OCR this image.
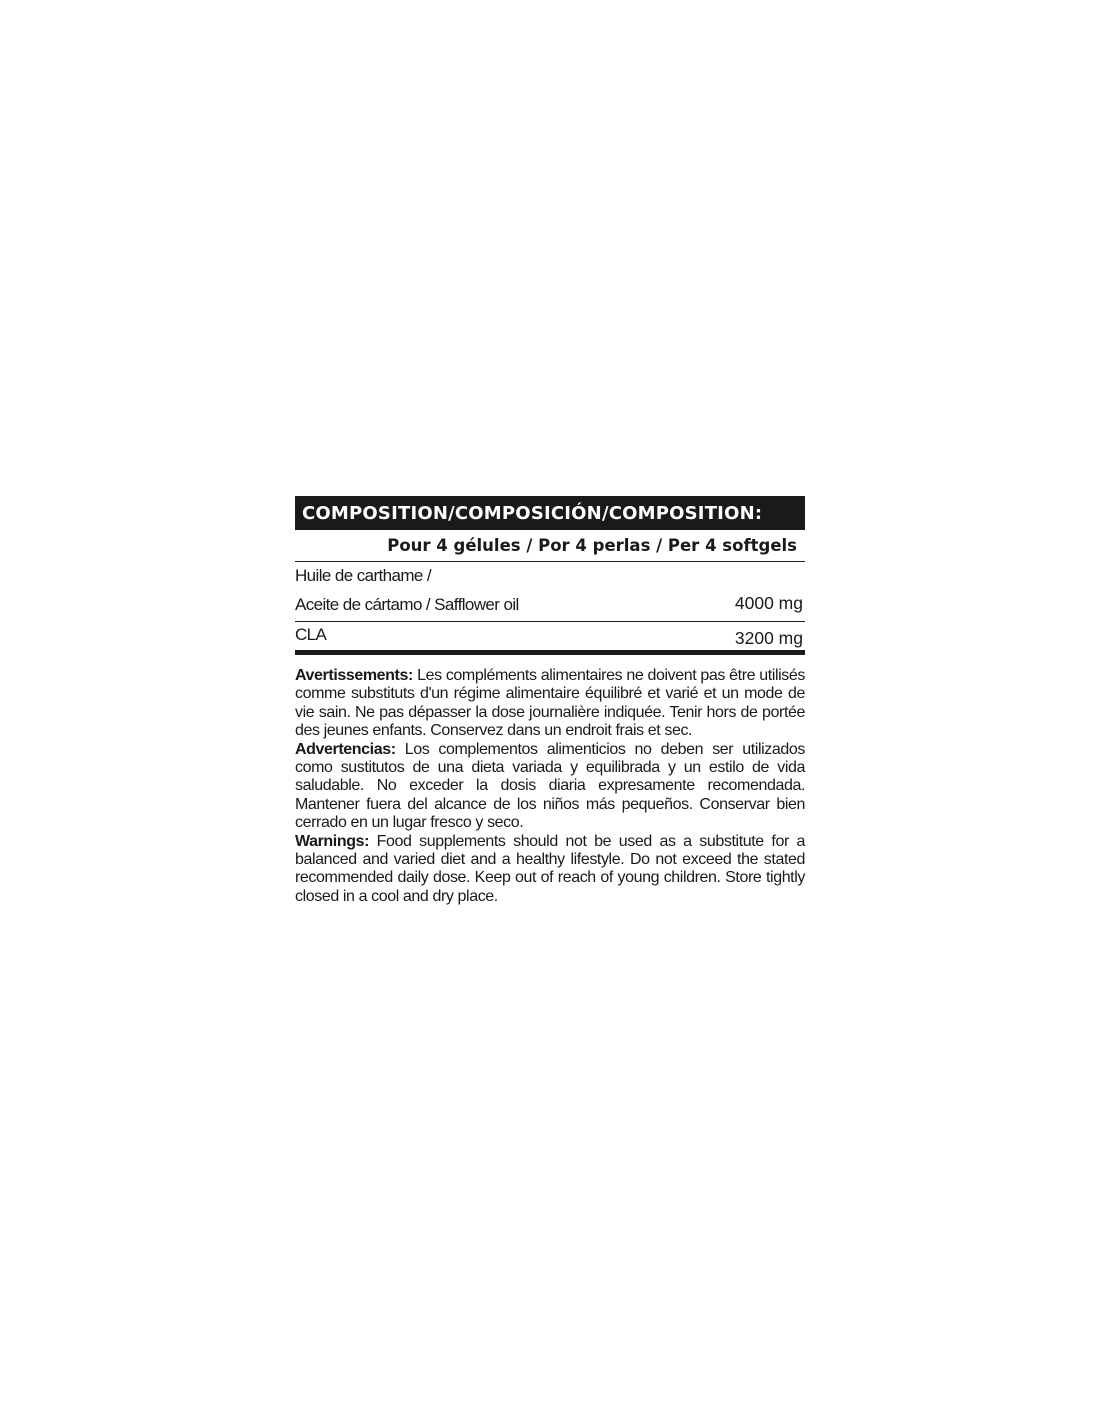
COMPOSITION/COMPOSICIÓN/COMPOSITION:
Pour 4 gélules / Por 4 perlas / Per 4 softgels
Huile de carthame /
Aceite de cártamo / Safflower oil	4000 mg
CLA	3200 mg

Avertissements: Les compléments alimentaires ne doivent pas être utilisés comme substituts d'un régime alimentaire équilibré et varié et un mode de vie sain. Ne pas dépasser la dose journalière indiquée. Tenir hors de portée des jeunes enfants. Conservez dans un endroit frais et sec.

Advertencias: Los complementos alimenticios no deben ser utilizados como sustitutos de una dieta variada y equilibrada y un estilo de vida saludable. No exceder la dosis diaria expresamente recomendada. Mantener fuera del alcance de los niños más pequeños. Conservar bien cerrado en un lugar fresco y seco.

Warnings: Food supplements should not be used as a substitute for a balanced and varied diet and a healthy lifestyle. Do not exceed the stated recommended daily dose. Keep out of reach of young children. Store tightly closed in a cool and dry place.
